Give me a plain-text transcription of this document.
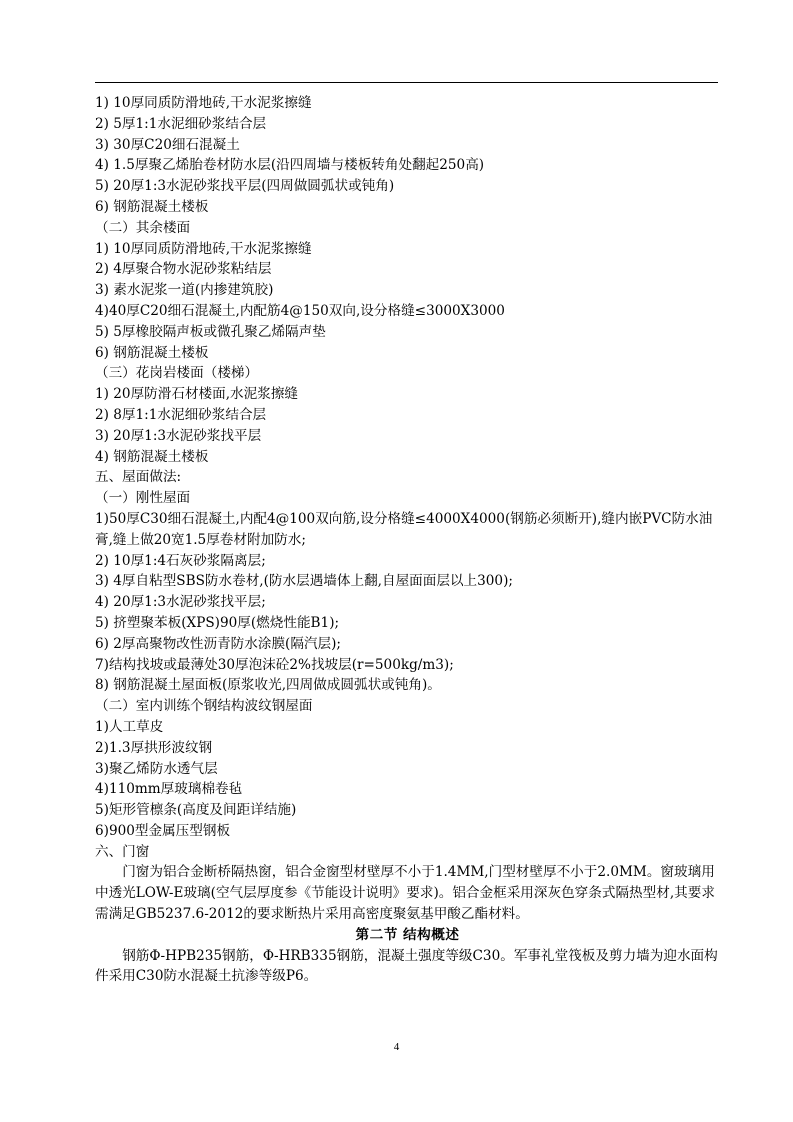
1) 10厚同质防滑地砖,干水泥浆擦缝
2) 5厚1:1水泥细砂浆结合层
3) 30厚C20细石混凝土
4) 1.5厚聚乙烯胎卷材防水层(沿四周墙与楼板转角处翻起250高)
5) 20厚1:3水泥砂浆找平层(四周做圆弧状或钝角)
6) 钢筋混凝土楼板
（二）其余楼面
1) 10厚同质防滑地砖,干水泥浆擦缝
2) 4厚聚合物水泥砂浆粘结层
3) 素水泥浆一道(内掺建筑胶)
4)40厚C20细石混凝土,内配筋4@150双向,设分格缝≤3000X3000
5) 5厚橡胶隔声板或微孔聚乙烯隔声垫
6) 钢筋混凝土楼板
（三）花岗岩楼面（楼梯）
1) 20厚防滑石材楼面,水泥浆擦缝
2) 8厚1:1水泥细砂浆结合层
3) 20厚1:3水泥砂浆找平层
4) 钢筋混凝土楼板
五、屋面做法:
（一）刚性屋面
1)50厚C30细石混凝土,内配4@100双向筋,设分格缝≤4000X4000(钢筋必须断开),缝内嵌PVC防水油膏,缝上做20宽1.5厚卷材附加防水;
2) 10厚1:4石灰砂浆隔离层;
3) 4厚自粘型SBS防水卷材,(防水层遇墙体上翻,自屋面面层以上300);
4) 20厚1:3水泥砂浆找平层;
5) 挤塑聚苯板(XPS)90厚(燃烧性能B1);
6) 2厚高聚物改性沥青防水涂膜(隔汽层);
7)结构找坡或最薄处30厚泡沫砼2%找坡层(r=500kg/m3);
8) 钢筋混凝土屋面板(原浆收光,四周做成圆弧状或钝角)。
（二）室内训练个钢结构波纹钢屋面
1)人工草皮
2)1.3厚拱形波纹钢
3)聚乙烯防水透气层
4)110mm厚玻璃棉卷毡
5)矩形管檩条(高度及间距详结施)
6)900型金属压型钢板
六、门窗
门窗为铝合金断桥隔热窗，铝合金窗型材壁厚不小于1.4MM,门型材壁厚不小于2.0MM。窗玻璃用中透光LOW-E玻璃(空气层厚度参《节能设计说明》要求)。铝合金框采用深灰色穿条式隔热型材,其要求需满足GB5237.6-2012的要求断热片采用高密度聚氨基甲酸乙酯材料。
第二节 结构概述
钢筋Φ-HPB235钢筋，Φ-HRB335钢筋，混凝土强度等级C30。军事礼堂筏板及剪力墙为迎水面构件采用C30防水混凝土抗渗等级P6。
4
